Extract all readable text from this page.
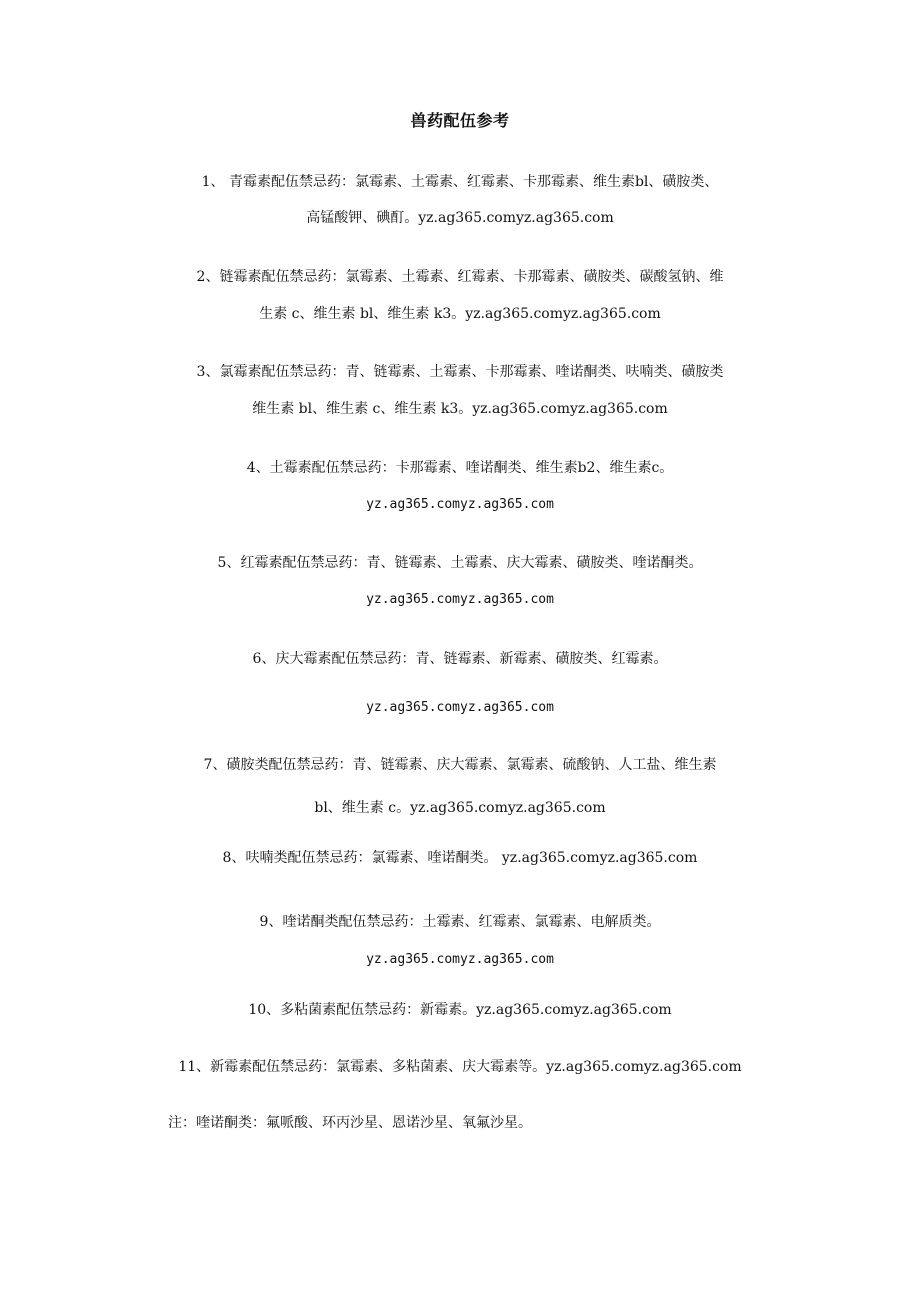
兽药配伍参考
1、 青霉素配伍禁忌药：氯霉素、土霉素、红霉素、卡那霉素、维生素bl、磺胺类、
高锰酸钾、碘酊。yz.ag365.comyz.ag365.com
2、链霉素配伍禁忌药：氯霉素、土霉素、红霉素、卡那霉素、磺胺类、碳酸氢钠、维
生素 c、维生素 bl、维生素 k3。yz.ag365.comyz.ag365.com
3、氯霉素配伍禁忌药：青、链霉素、土霉素、卡那霉素、喹诺酮类、呋喃类、磺胺类
维生素 bl、维生素 c、维生素 k3。yz.ag365.comyz.ag365.com
4、土霉素配伍禁忌药：卡那霉素、喹诺酮类、维生素b2、维生素c。
yz.ag365.comyz.ag365.com
5、红霉素配伍禁忌药：青、链霉素、土霉素、庆大霉素、磺胺类、喹诺酮类。
yz.ag365.comyz.ag365.com
6、庆大霉素配伍禁忌药：青、链霉素、新霉素、磺胺类、红霉素。
yz.ag365.comyz.ag365.com
7、磺胺类配伍禁忌药：青、链霉素、庆大霉素、氯霉素、硫酸钠、人工盐、维生素
bl、维生素 c。yz.ag365.comyz.ag365.com
8、呋喃类配伍禁忌药：氯霉素、喹诺酮类。 yz.ag365.comyz.ag365.com
9、喹诺酮类配伍禁忌药：土霉素、红霉素、氯霉素、电解质类。
yz.ag365.comyz.ag365.com
10、多粘菌素配伍禁忌药：新霉素。yz.ag365.comyz.ag365.com
11、新霉素配伍禁忌药：氯霉素、多粘菌素、庆大霉素等。yz.ag365.comyz.ag365.com
注：喹诺酮类：氟哌酸、环丙沙星、恩诺沙星、氧氟沙星。
